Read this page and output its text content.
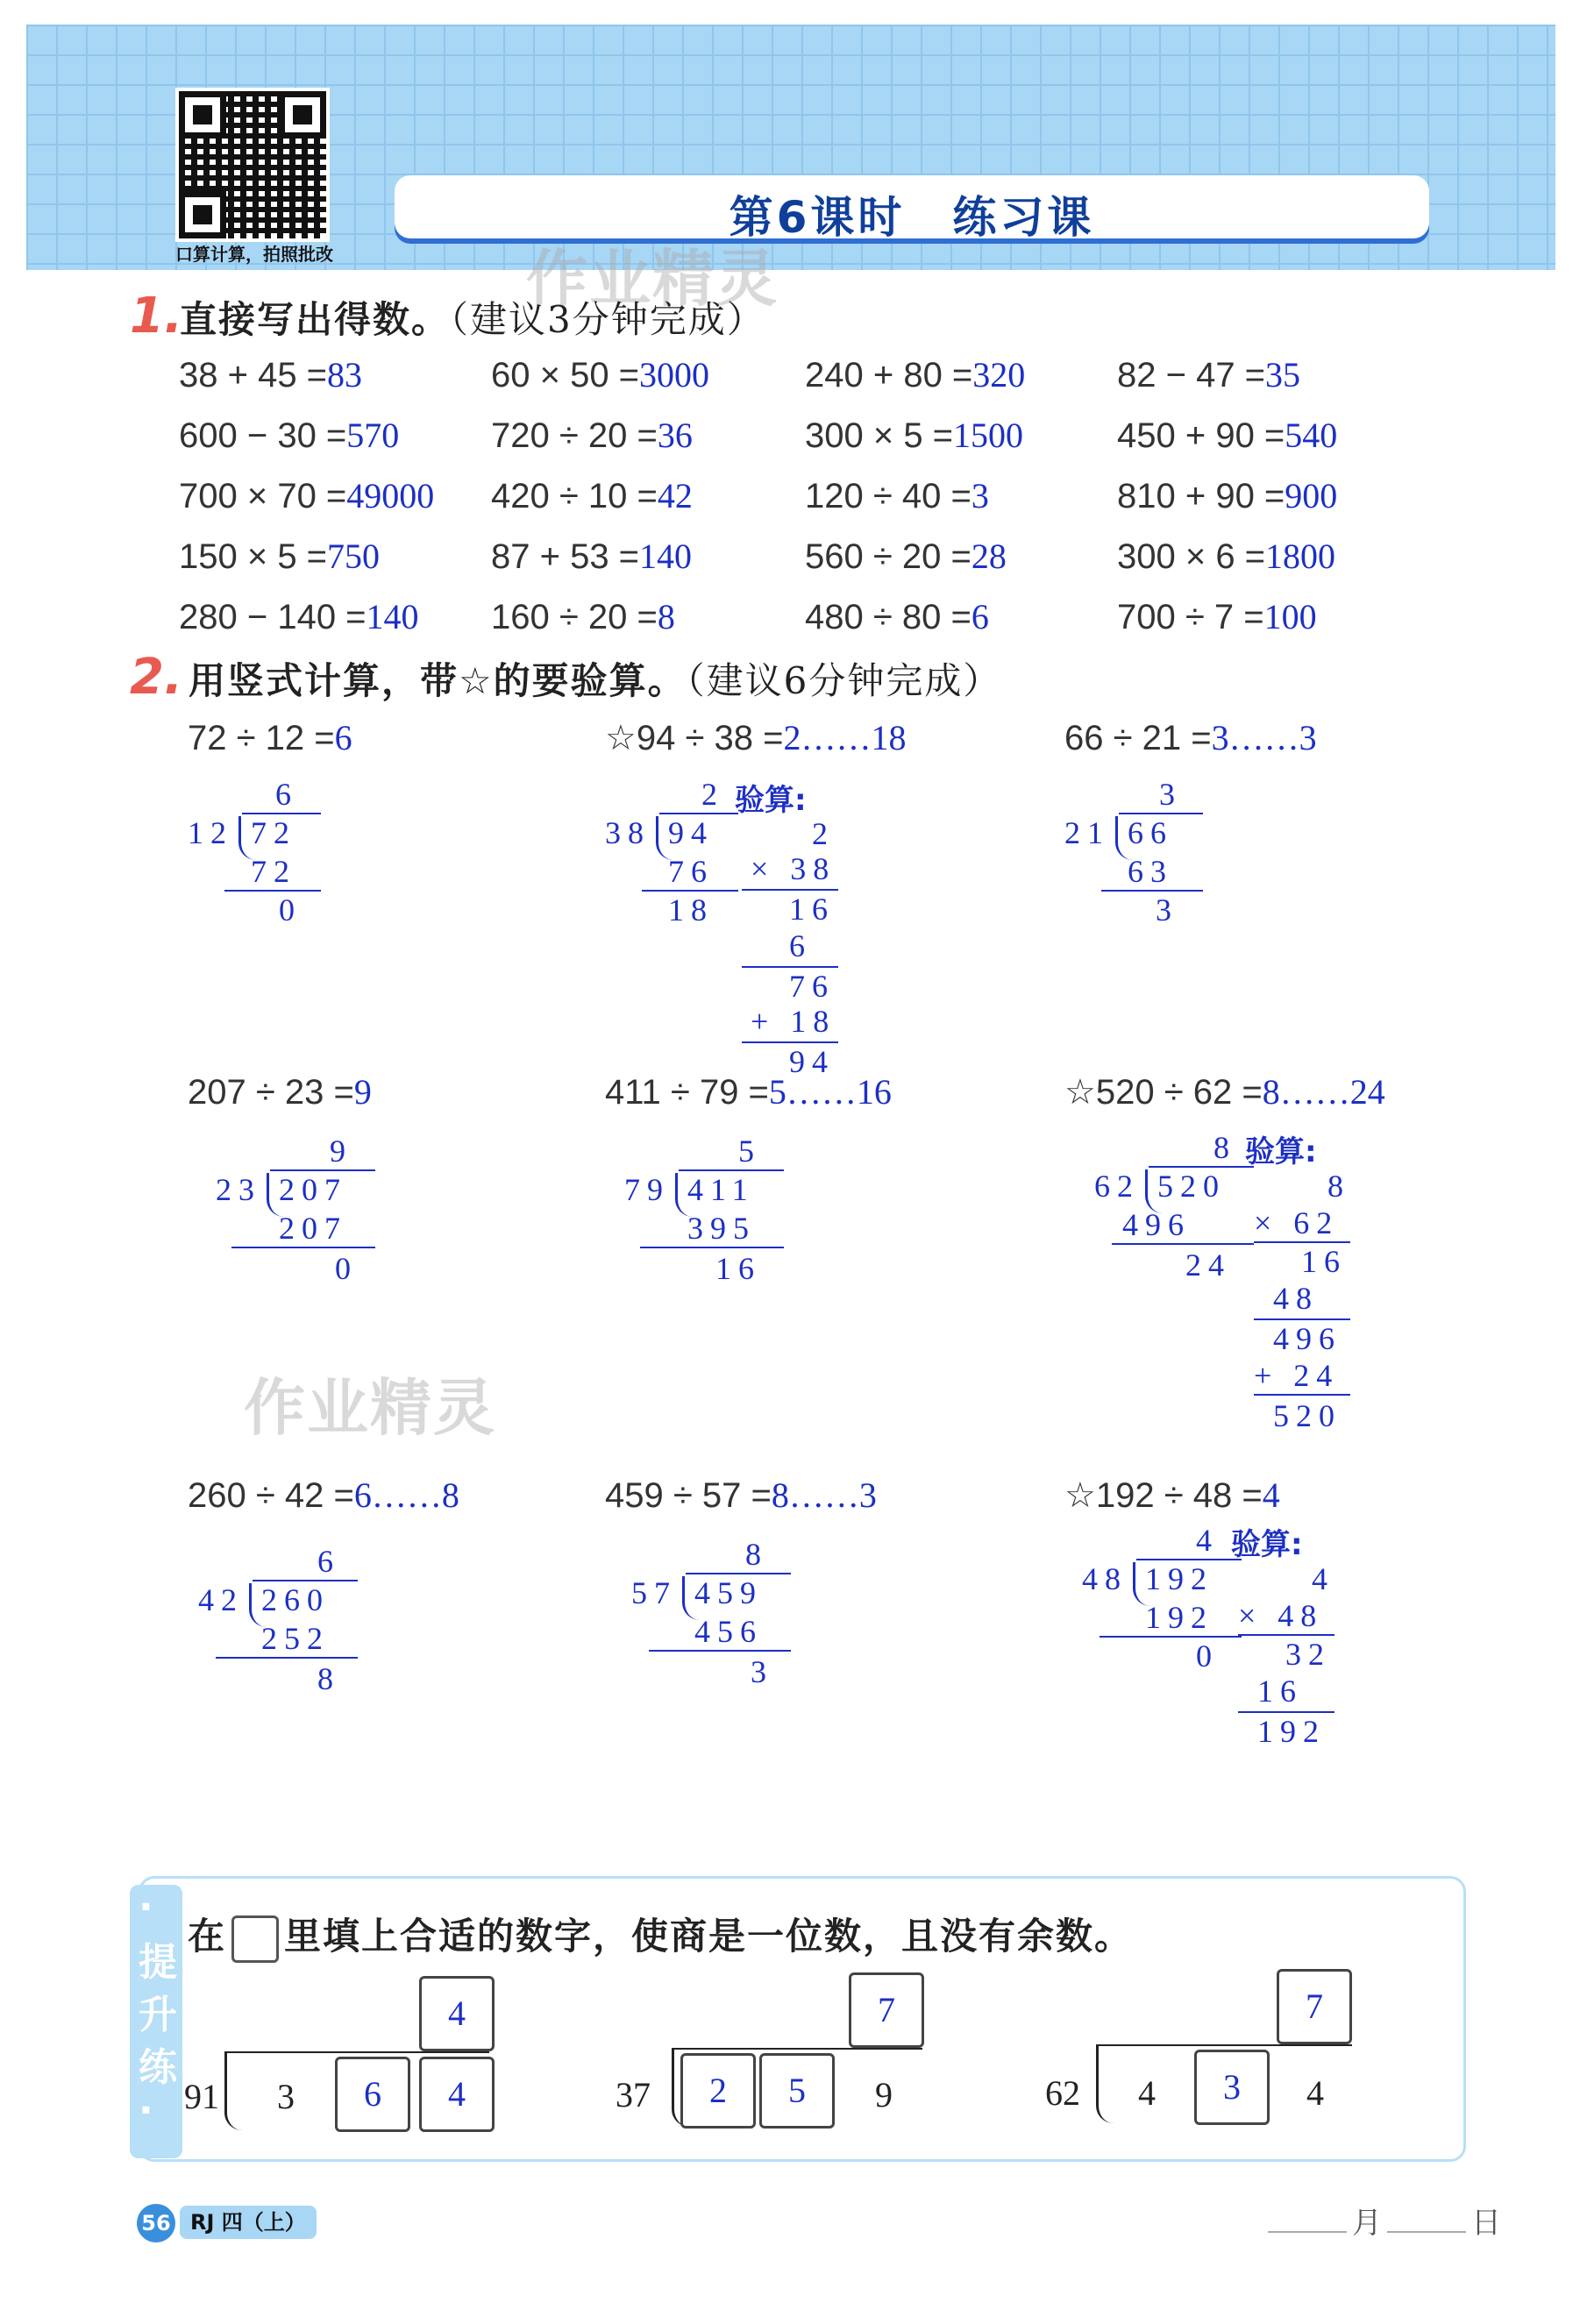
口算计算，拍照批改
第6课时　练习课
作业精灵
作业精灵
1.
直接写出得数。（建议3分钟完成）
38 + 45 =83	60 × 50 =3000	240 + 80 =320	82 − 47 =35
600 − 30 =570	720 ÷ 20 =36	300 × 5 =1500	450 + 90 =540
700 × 70 =49000 420 ÷ 10 =42	120 ÷ 40 =3	810 + 90 =900
150 × 5 =750	87 + 53 =140	560 ÷ 20 =28	300 × 6 =1800
280 − 140 =140 160 ÷ 20 =8	480 ÷ 80 =6	700 ÷ 7 =100
2. 用竖式计算，带☆的要验算。（建议6分钟完成）
72 ÷ 12 =6	☆94 ÷ 38 =2……18	66 ÷ 21 =3……3
207 ÷ 23 =9	411 ÷ 79 =5……16	☆520 ÷ 62 =8……24
260 ÷ 42 =6……8	459 ÷ 57 =8……3	☆192 ÷ 48 =4
6
12 72
72
0
2
38 94
76
18
验算:
2
× 38
16
6
76
+ 18
94
3
21 66
63
3
9
23 207
207
0
5
79 411
395
16
8
62 520
496
24
验算:
8
× 62
16
48
496
+ 24
520
6
42 260
252
8
8
57 459
456
3
4
48 192
192
0
验算:
4
× 48
32
16
192
·
提
升
练
·
在 里填上合适的数字，使商是一位数，且没有余数。
4
91 3	6	4
7
37	2	5	9
7
62 4	3	4
56 RJ 四（上）	月	日
